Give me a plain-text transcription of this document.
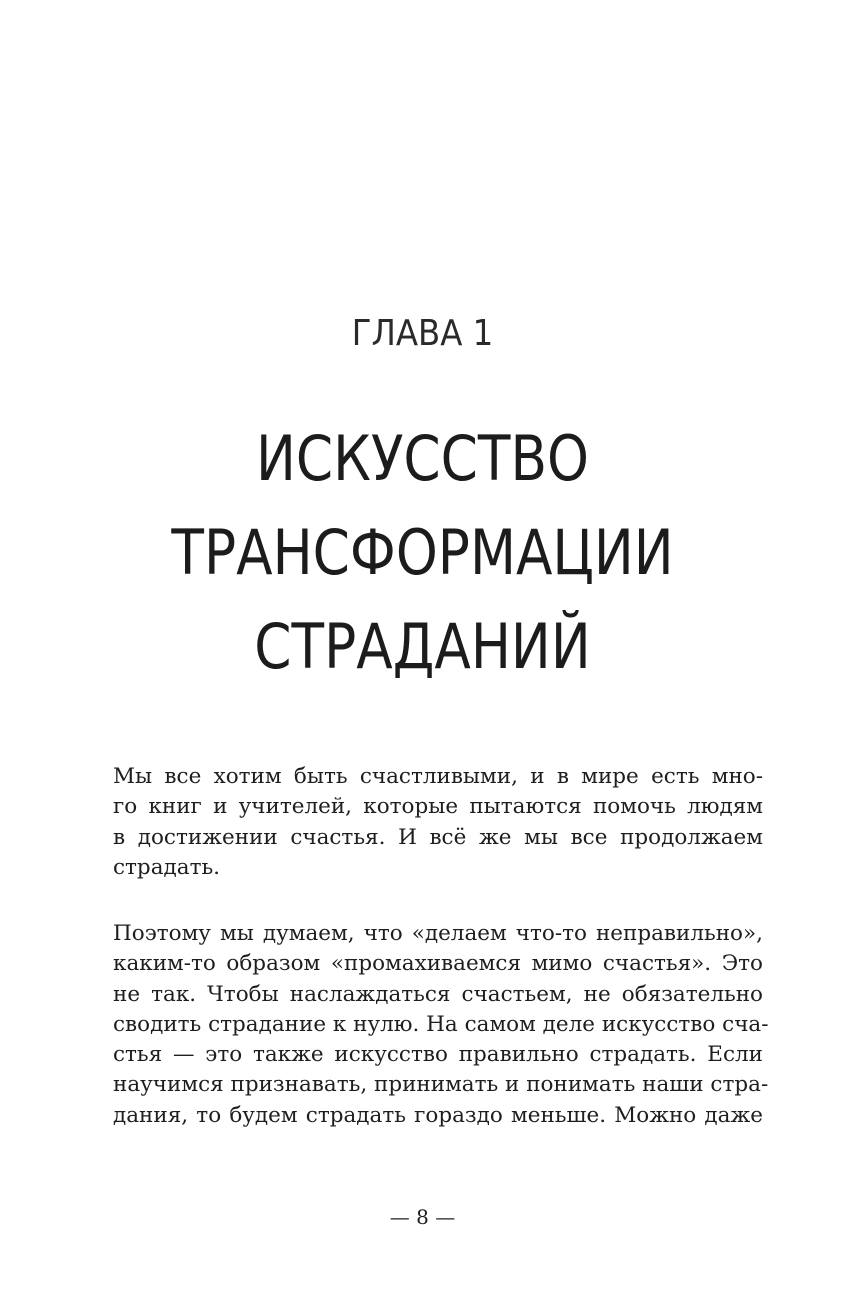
ГЛАВА 1
ИСКУССТВО
ТРАНСФОРМАЦИИ
СТРАДАНИЙ
Мы все хотим быть счастливыми, и в мире есть мно-
го книг и учителей, которые пытаются помочь людям
в достижении счастья. И всё же мы все продолжаем
страдать.
Поэтому мы думаем, что «делаем что-то неправильно»,
каким-то образом «промахиваемся мимо счастья». Это
не так. Чтобы наслаждаться счастьем, не обязательно
сводить страдание к нулю. На самом деле искусство сча-
стья — это также искусство правильно страдать. Если
научимся признавать, принимать и понимать наши стра-
дания, то будем страдать гораздо меньше. Можно даже
— 8 —
